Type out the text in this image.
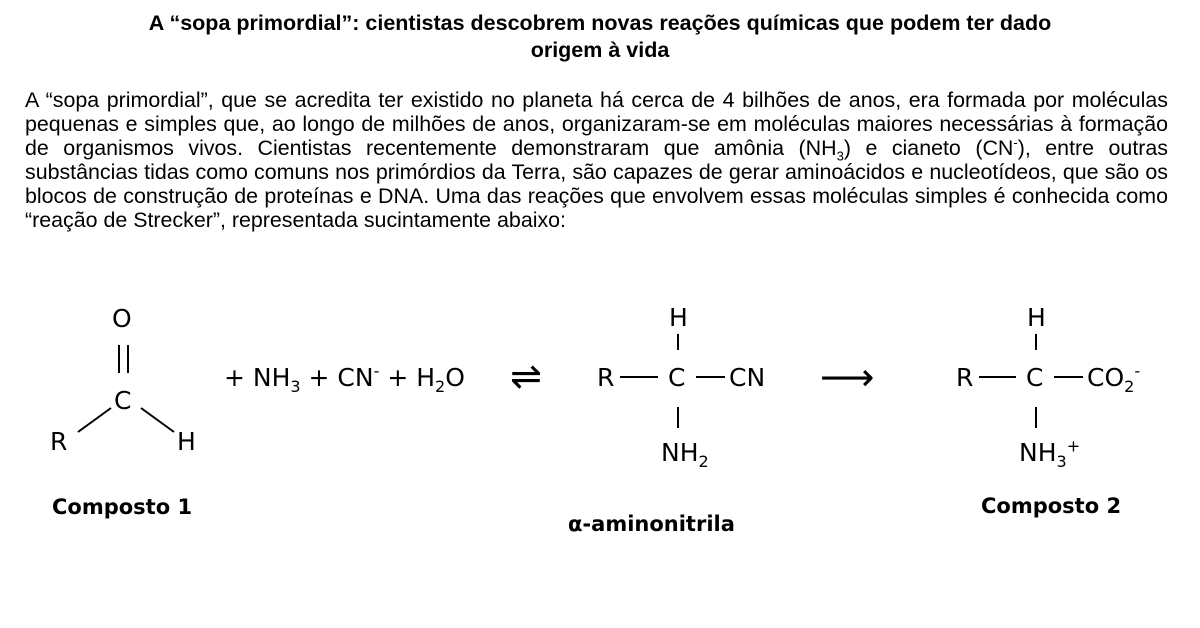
A “sopa primordial”: cientistas descobrem novas reações químicas que podem ter dado
origem à vida

A “sopa primordial”, que se acredita ter existido no planeta há cerca de 4 bilhões de anos, era formada por moléculas pequenas e simples que, ao longo de milhões de anos, organizaram-se em moléculas maiores necessárias à formação de organismos vivos. Cientistas recentemente demonstraram que amônia $(NH_3)$ e cianeto (CN-), entre outras substâncias tidas como comuns nos primórdios da Terra, são capazes de gerar aminoácidos e nucleotídeos, que são os blocos de construção de proteínas e DNA. Uma das reações que envolvem essas moléculas simples é conhecida como “reação de Strecker”, representada sucintamente abaixo:

O
C
R	H
Composto 1
+ $NH_3 + CN^- + H_2O$ ⇌
H
R C CN
$NH_2$
α-aminonitrila
⟶
H
R C $CO_2^-$
$NH_3^+$
Composto 2
